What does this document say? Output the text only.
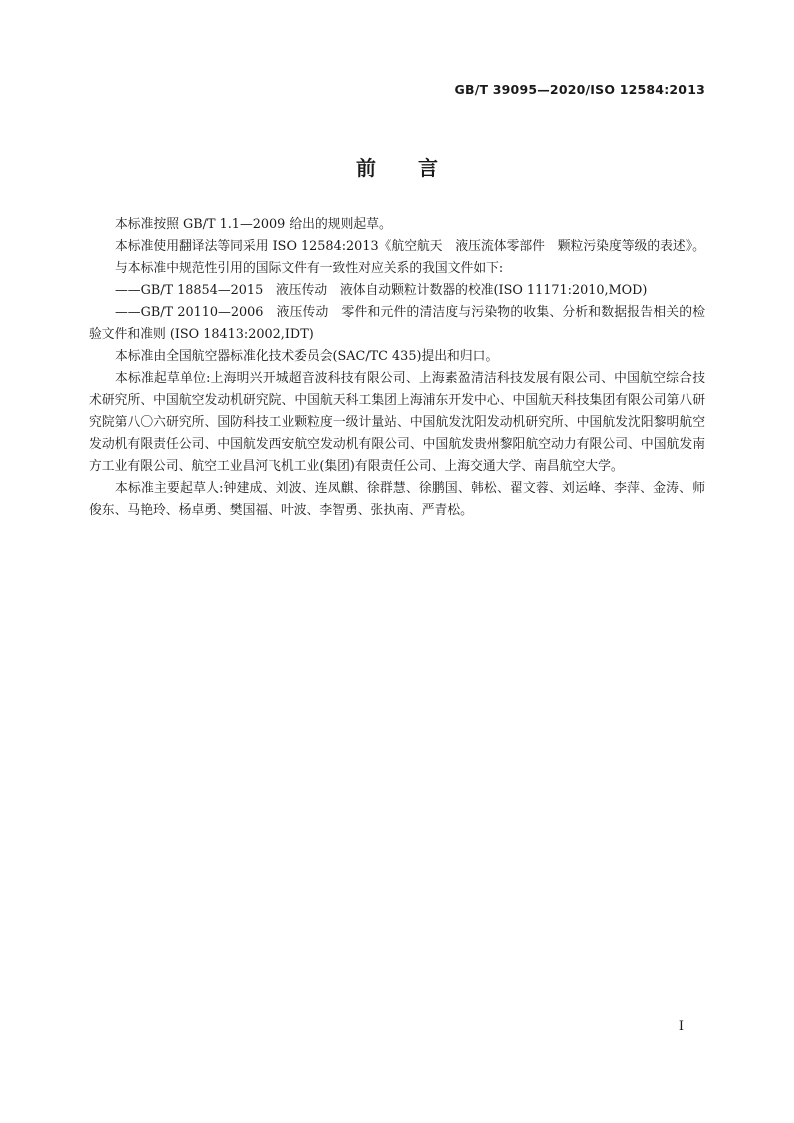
GB/T 39095—2020/ISO 12584:2013
前 言

本标准按照 GB/T 1.1—2009 给出的规则起草。

本标准使用翻译法等同采用 ISO 12584:2013《航空航天　液压流体零部件　颗粒污染度等级的表述》。

与本标准中规范性引用的国际文件有一致性对应关系的我国文件如下:

——GB/T 18854—2015　液压传动　液体自动颗粒计数器的校准(ISO 11171:2010,MOD)

——GB/T 20110—2006　液压传动　零件和元件的清洁度与污染物的收集、分析和数据报告相关的检验文件和准则 (ISO 18413:2002,IDT)

本标准由全国航空器标准化技术委员会(SAC/TC 435)提出和归口。

本标准起草单位:上海明兴开城超音波科技有限公司、上海素盈清洁科技发展有限公司、中国航空综合技术研究所、中国航空发动机研究院、中国航天科工集团上海浦东开发中心、中国航天科技集团有限公司第八研究院第八〇六研究所、国防科技工业颗粒度一级计量站、中国航发沈阳发动机研究所、中国航发沈阳黎明航空发动机有限责任公司、中国航发西安航空发动机有限公司、中国航发贵州黎阳航空动力有限公司、中国航发南方工业有限公司、航空工业昌河飞机工业(集团)有限责任公司、上海交通大学、南昌航空大学。

本标准主要起草人:钟建成、刘波、连凤麒、徐群慧、徐鹏国、韩松、翟文蓉、刘运峰、李萍、金涛、师俊东、马艳玲、杨卓勇、樊国福、叶波、李智勇、张执南、严青松。

Ⅰ
